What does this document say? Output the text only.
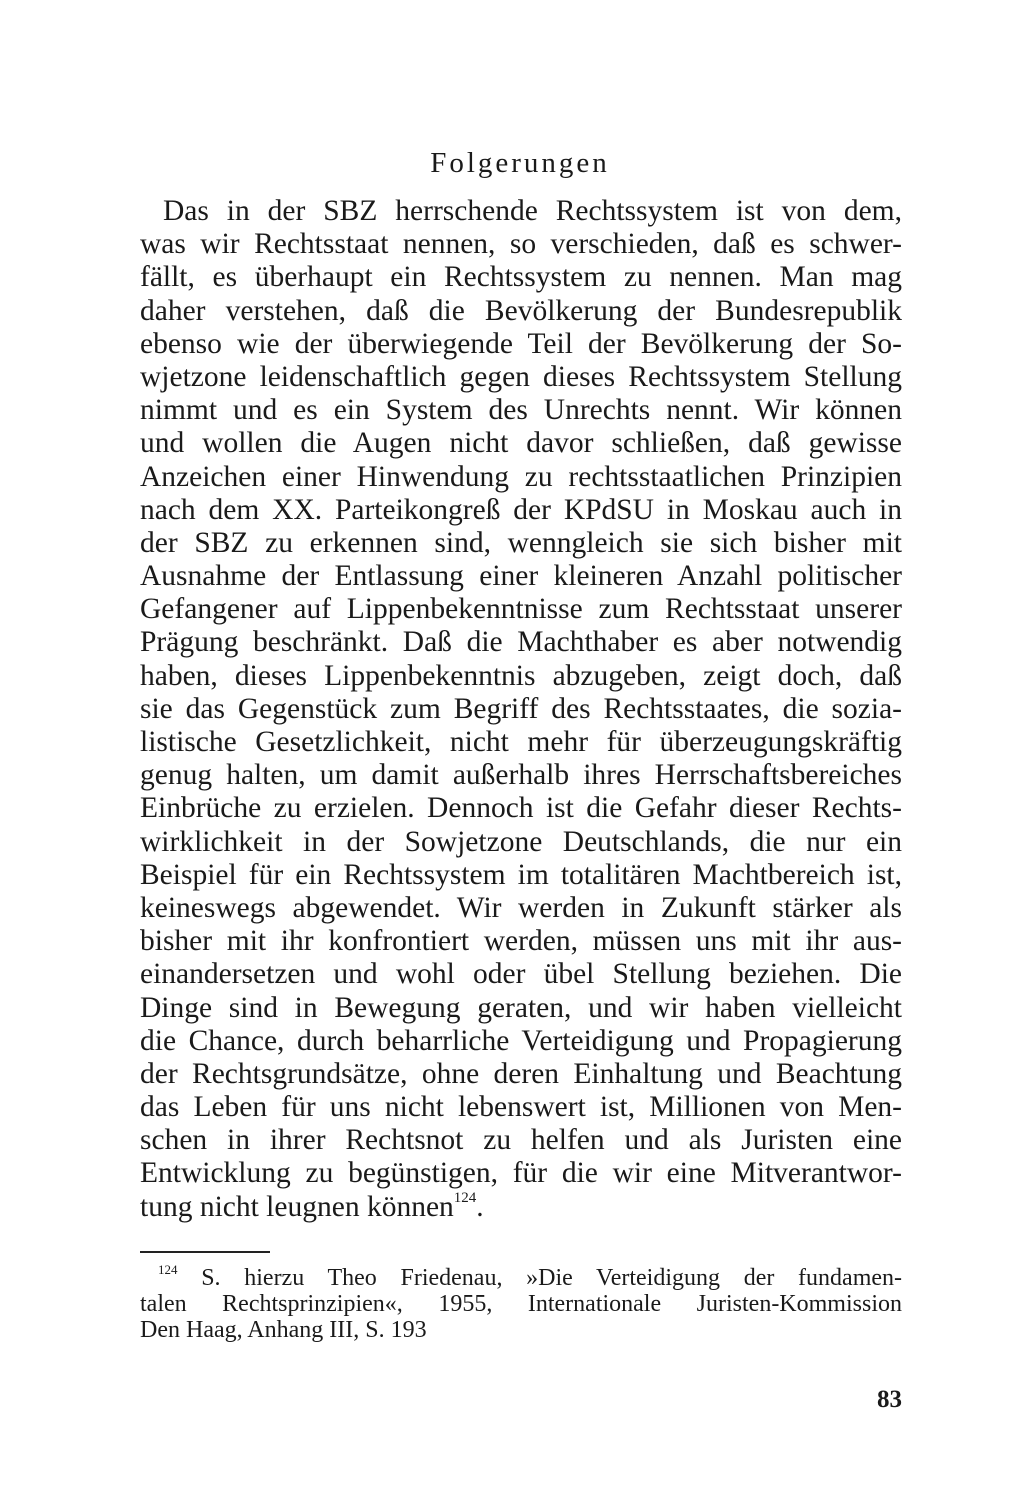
Folgerungen
Das in der SBZ herrschende Rechtssystem ist von dem,
was wir Rechtsstaat nennen, so verschieden, daß es schwer-
fällt, es überhaupt ein Rechtssystem zu nennen. Man mag
daher verstehen, daß die Bevölkerung der Bundesrepublik
ebenso wie der überwiegende Teil der Bevölkerung der So-
wjetzone leidenschaftlich gegen dieses Rechtssystem Stellung
nimmt und es ein System des Unrechts nennt. Wir können
und wollen die Augen nicht davor schließen, daß gewisse
Anzeichen einer Hinwendung zu rechtsstaatlichen Prinzipien
nach dem XX. Parteikongreß der KPdSU in Moskau auch in
der SBZ zu erkennen sind, wenngleich sie sich bisher mit
Ausnahme der Entlassung einer kleineren Anzahl politischer
Gefangener auf Lippenbekenntnisse zum Rechtsstaat unserer
Prägung beschränkt. Daß die Machthaber es aber notwendig
haben, dieses Lippenbekenntnis abzugeben, zeigt doch, daß
sie das Gegenstück zum Begriff des Rechtsstaates, die sozia-
listische Gesetzlichkeit, nicht mehr für überzeugungskräftig
genug halten, um damit außerhalb ihres Herrschaftsbereiches
Einbrüche zu erzielen. Dennoch ist die Gefahr dieser Rechts-
wirklichkeit in der Sowjetzone Deutschlands, die nur ein
Beispiel für ein Rechtssystem im totalitären Machtbereich ist,
keineswegs abgewendet. Wir werden in Zukunft stärker als
bisher mit ihr konfrontiert werden, müssen uns mit ihr aus-
einandersetzen und wohl oder übel Stellung beziehen. Die
Dinge sind in Bewegung geraten, und wir haben vielleicht
die Chance, durch beharrliche Verteidigung und Propagierung
der Rechtsgrundsätze, ohne deren Einhaltung und Beachtung
das Leben für uns nicht lebenswert ist, Millionen von Men-
schen in ihrer Rechtsnot zu helfen und als Juristen eine
Entwicklung zu begünstigen, für die wir eine Mitverantwor-
tung nicht leugnen können$^{124}$.
$^{124}$ S. hierzu Theo Friedenau, »Die Verteidigung der fundamen-
talen Rechtsprinzipien«, 1955, Internationale Juristen-Kommission
Den Haag, Anhang III, S. 193
83
